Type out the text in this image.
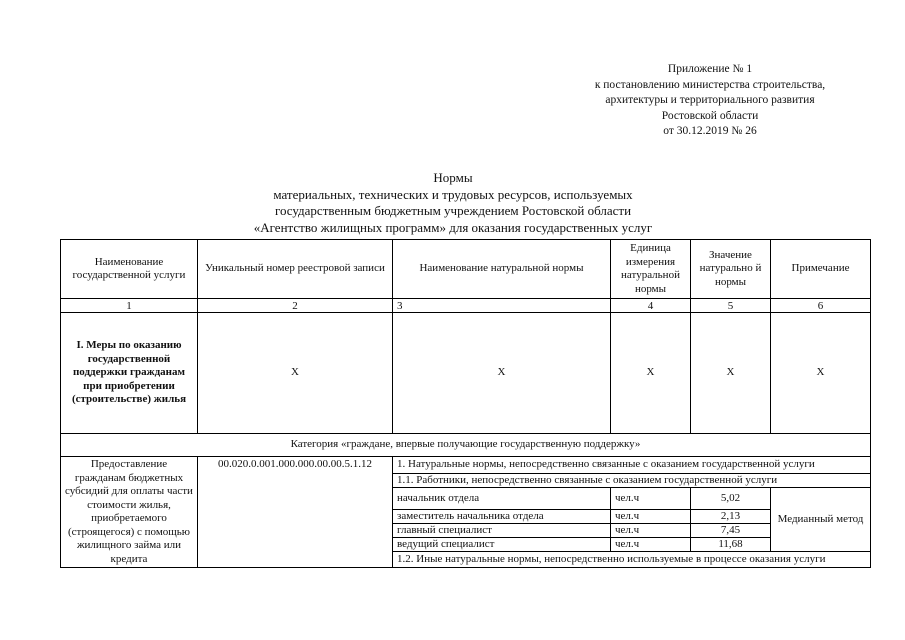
Приложение № 1
к постановлению министерства строительства,
архитектуры и территориального развития
Ростовской области
от 30.12.2019 № 26
Нормы
материальных, технических и трудовых ресурсов, используемых
государственным бюджетным учреждением Ростовской области
«Агентство жилищных программ» для оказания государственных услуг
Наименование государственной услуги	Уникальный номер реестровой записи	Наименование натуральной нормы	Единица измерения натуральной нормы	Значение натурально й нормы	Примечание
1	2	3	4	5	6
I. Меры по оказанию государственной поддержки гражданам при приобретении (строительстве) жилья	X	X	X	X	X
Категория «граждане, впервые получающие государственную поддержку»					
Предоставление гражданам бюджетных субсидий для оплаты части стоимости жилья, приобретаемого (строящегося) с помощью жилищного займа или кредита	00.020.0.001.000.000.00.00.5.1.12	1. Натуральные нормы, непосредственно связанные с оказанием государственной услуги			
		1.1. Работники, непосредственно связанные с оказанием государственной услуги			
		начальник отдела	чел.ч	5,02	Медианный метод
		заместитель начальника отдела	чел.ч	2,13	
		главный специалист	чел.ч	7,45	
		ведущий специалист	чел.ч	11,68	
		1.2. Иные натуральные нормы, непосредственно используемые в процессе оказания услуги			
